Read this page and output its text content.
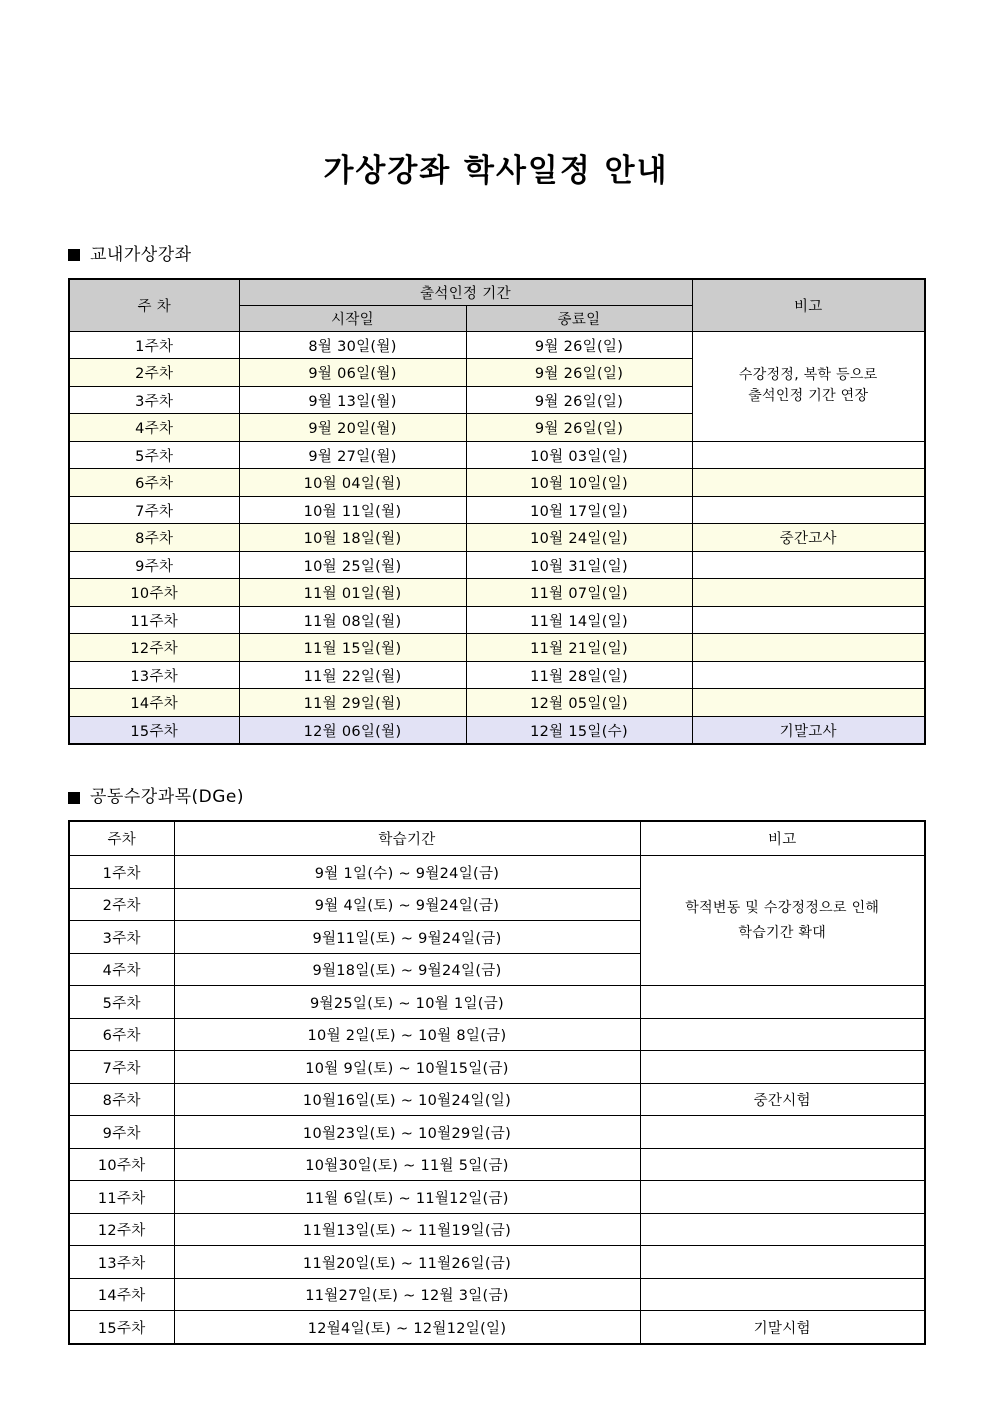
가상강좌 학사일정 안내
교내가상강좌
주 차	출석인정 기간		비고
	시작일	종료일	
1주차	8월 30일(월)	9월 26일(일)	수강정정, 복학 등으로
출석인정 기간 연장
2주차	9월 06일(월)	9월 26일(일)	
3주차	9월 13일(월)	9월 26일(일)	
4주차	9월 20일(월)	9월 26일(일)	
5주차	9월 27일(월)	10월 03일(일)	
6주차	10월 04일(월)	10월 10일(일)	
7주차	10월 11일(월)	10월 17일(일)	
8주차	10월 18일(월)	10월 24일(일)	중간고사
9주차	10월 25일(월)	10월 31일(일)	
10주차	11월 01일(월)	11월 07일(일)	
11주차	11월 08일(월)	11월 14일(일)	
12주차	11월 15일(월)	11월 21일(일)	
13주차	11월 22일(월)	11월 28일(일)	
14주차	11월 29일(월)	12월 05일(일)	
15주차	12월 06일(월)	12월 15일(수)	기말고사
공동수강과목(DGe)
주차	학습기간	비고
1주차	9월 1일(수) ~ 9월24일(금)	학적변동 및 수강정정으로 인해
학습기간 확대
2주차	9월 4일(토) ~ 9월24일(금)	
3주차	9월11일(토) ~ 9월24일(금)	
4주차	9월18일(토) ~ 9월24일(금)	
5주차	9월25일(토) ~ 10월 1일(금)	
6주차	10월 2일(토) ~ 10월 8일(금)	
7주차	10월 9일(토) ~ 10월15일(금)	
8주차	10월16일(토) ~ 10월24일(일)	중간시험
9주차	10월23일(토) ~ 10월29일(금)	
10주차	10월30일(토) ~ 11월 5일(금)	
11주차	11월 6일(토) ~ 11월12일(금)	
12주차	11월13일(토) ~ 11월19일(금)	
13주차	11월20일(토) ~ 11월26일(금)	
14주차	11월27일(토) ~ 12월 3일(금)	
15주차	12월4일(토) ~ 12월12일(일)	기말시험
